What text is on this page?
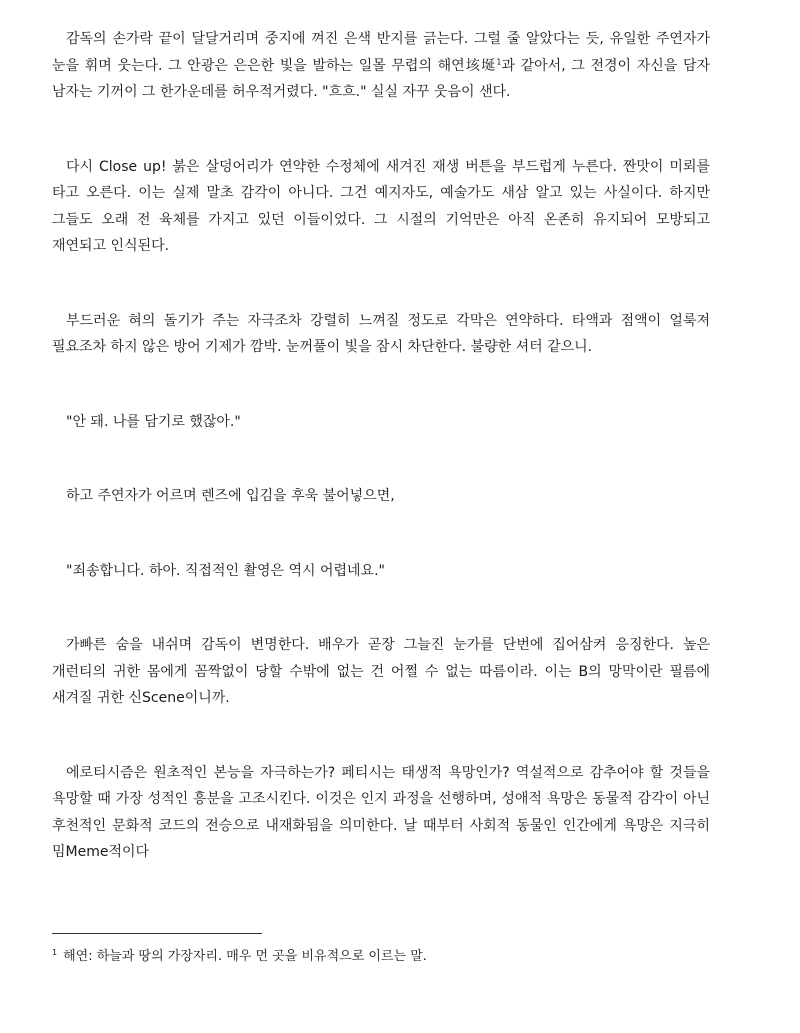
감독의 손가락 끝이 달달거리며 중지에 껴진 은색 반지를 긁는다. 그럴 줄 알았다는 듯, 유일한 주연자가 눈을 휘며 웃는다. 그 안광은 은은한 빛을 발하는 일몰 무렵의 해연垓埏$^1$과 같아서, 그 전경이 자신을 담자 남자는 기꺼이 그 한가운데를 허우적거렸다. "흐흐." 실실 자꾸 웃음이 샌다.

다시 Close up! 붉은 살덩어리가 연약한 수정체에 새겨진 재생 버튼을 부드럽게 누른다. 짠맛이 미뢰를 타고 오른다. 이는 실제 말초 감각이 아니다. 그건 예지자도, 예술가도 새삼 알고 있는 사실이다. 하지만 그들도 오래 전 육체를 가지고 있던 이들이었다. 그 시절의 기억만은 아직 온존히 유지되어 모방되고 재연되고 인식된다.

부드러운 혀의 돌기가 주는 자극조차 강렬히 느껴질 정도로 각막은 연약하다. 타액과 점액이 얼룩져 필요조차 하지 않은 방어 기제가 깜박. 눈꺼풀이 빛을 잠시 차단한다. 불량한 셔터 같으니.

"안 돼. 나를 담기로 했잖아."

하고 주연자가 어르며 렌즈에 입김을 후욱 불어넣으면,

"죄송합니다. 하아. 직접적인 촬영은 역시 어렵네요."

가빠른 숨을 내쉬며 감독이 변명한다. 배우가 곧장 그늘진 눈가를 단번에 집어삼켜 응징한다. 높은 개런티의 귀한 몸에게 꼼짝없이 당할 수밖에 없는 건 어쩔 수 없는 따름이라. 이는 B의 망막이란 필름에 새겨질 귀한 신Scene이니까.

에로티시즘은 원초적인 본능을 자극하는가? 페티시는 태생적 욕망인가? 역설적으로 감추어야 할 것들을 욕망할 때 가장 성적인 흥분을 고조시킨다. 이것은 인지 과정을 선행하며, 성애적 욕망은 동물적 감각이 아닌 후천적인 문화적 코드의 전승으로 내재화됨을 의미한다. 날 때부터 사회적 동물인 인간에게 욕망은 지극히 밈Meme적이다

$^1$ 해연: 하늘과 땅의 가장자리. 매우 먼 곳을 비유적으로 이르는 말.
